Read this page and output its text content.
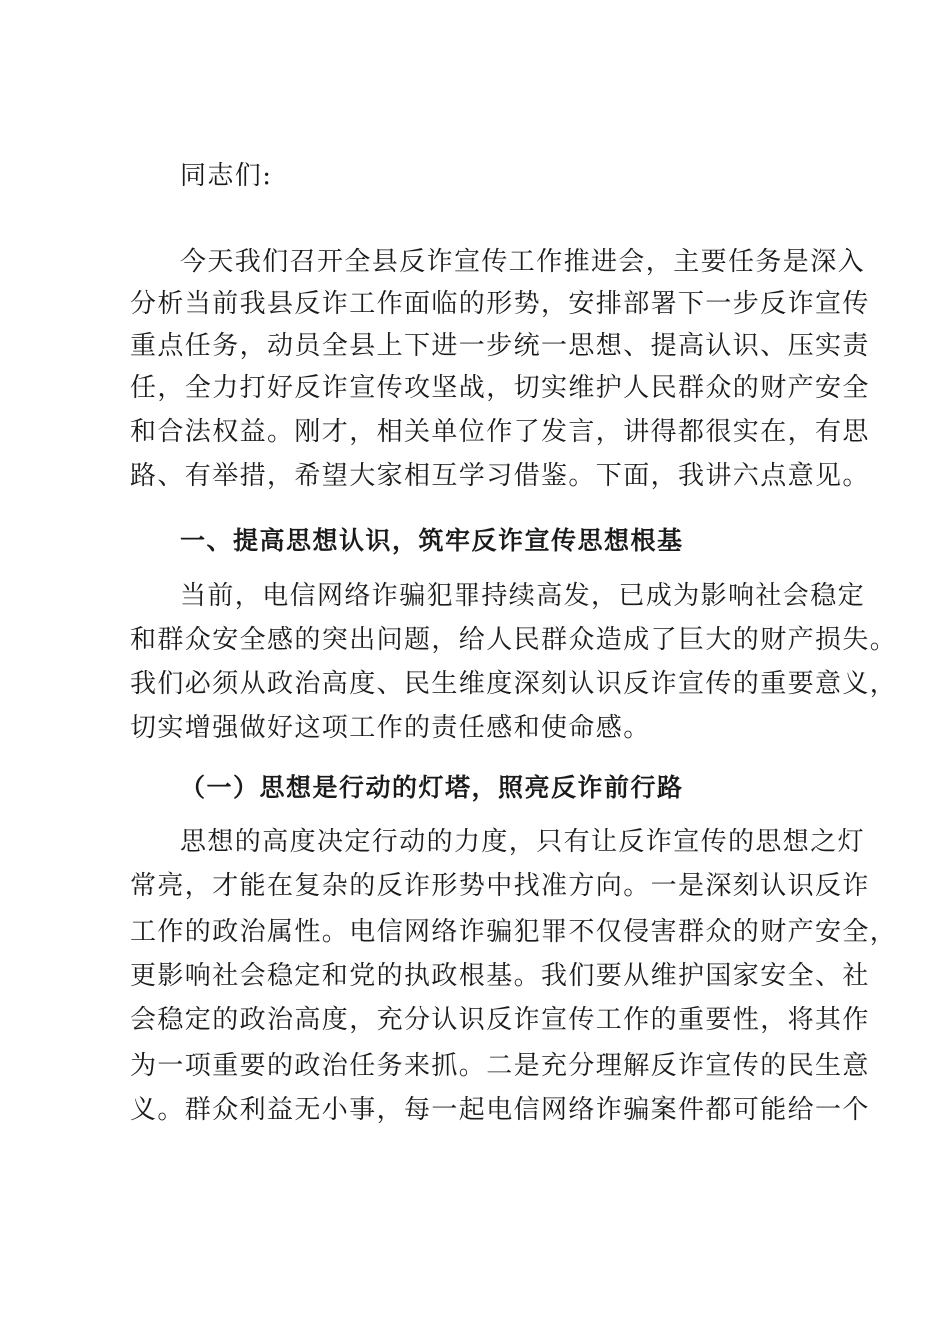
同志们:
今天我们召开全县反诈宣传工作推进会，主要任务是深入
分析当前我县反诈工作面临的形势，安排部署下一步反诈宣传
重点任务，动员全县上下进一步统一思想、提高认识、压实责
任，全力打好反诈宣传攻坚战，切实维护人民群众的财产安全
和合法权益。刚才，相关单位作了发言，讲得都很实在，有思
路、有举措，希望大家相互学习借鉴。下面，我讲六点意见。
一、提高思想认识，筑牢反诈宣传思想根基
当前，电信网络诈骗犯罪持续高发，已成为影响社会稳定
和群众安全感的突出问题，给人民群众造成了巨大的财产损失。
我们必须从政治高度、民生维度深刻认识反诈宣传的重要意义，
切实增强做好这项工作的责任感和使命感。
（一）思想是行动的灯塔，照亮反诈前行路
思想的高度决定行动的力度，只有让反诈宣传的思想之灯
常亮，才能在复杂的反诈形势中找准方向。一是深刻认识反诈
工作的政治属性。电信网络诈骗犯罪不仅侵害群众的财产安全，
更影响社会稳定和党的执政根基。我们要从维护国家安全、社
会稳定的政治高度，充分认识反诈宣传工作的重要性，将其作
为一项重要的政治任务来抓。二是充分理解反诈宣传的民生意
义。群众利益无小事，每一起电信网络诈骗案件都可能给一个
